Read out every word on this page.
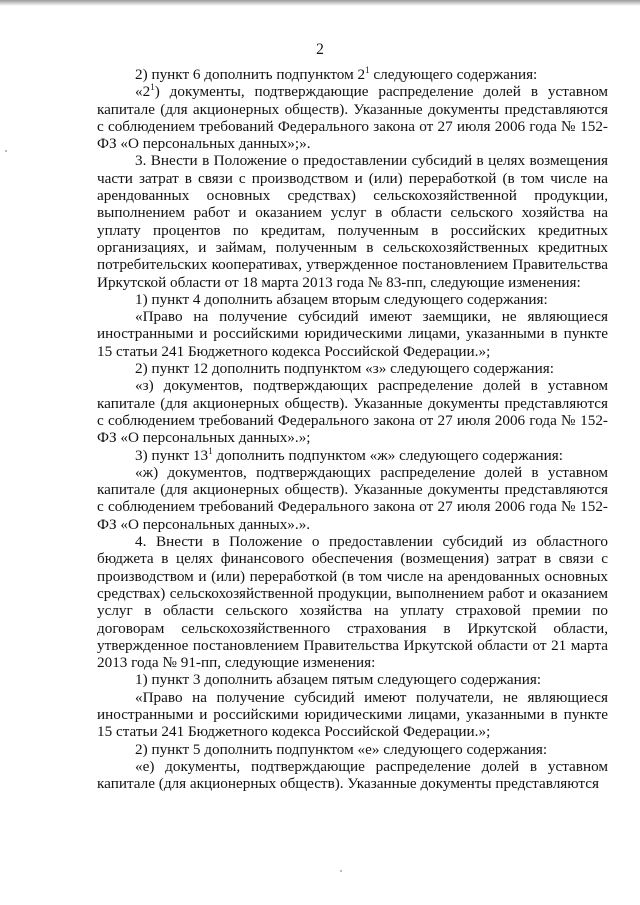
2

2) пункт 6 дополнить подпунктом $2^1$ следующего содержания:

«$2^1$) документы, подтверждающие распределение долей в уставном капитале (для акционерных обществ). Указанные документы представляются с соблюдением требований Федерального закона от 27 июля 2006 года № 152-ФЗ «О персональных данных»;».

3. Внести в Положение о предоставлении субсидий в целях возмещения части затрат в связи с производством и (или) переработкой (в том числе на арендованных основных средствах) сельскохозяйственной продукции, выполнением работ и оказанием услуг в области сельского хозяйства на уплату процентов по кредитам, полученным в российских кредитных организациях, и займам, полученным в сельскохозяйственных кредитных потребительских кооперативах, утвержденное постановлением Правительства Иркутской области от 18 марта 2013 года № 83-пп, следующие изменения:

1) пункт 4 дополнить абзацем вторым следующего содержания:

«Право на получение субсидий имеют заемщики, не являющиеся иностранными и российскими юридическими лицами, указанными в пункте 15 статьи 241 Бюджетного кодекса Российской Федерации.»;

2) пункт 12 дополнить подпунктом «з» следующего содержания:

«з) документов, подтверждающих распределение долей в уставном капитале (для акционерных обществ). Указанные документы представляются с соблюдением требований Федерального закона от 27 июля 2006 года № 152-ФЗ «О персональных данных».»;

3) пункт $13^1$ дополнить подпунктом «ж» следующего содержания:

«ж) документов, подтверждающих распределение долей в уставном капитале (для акционерных обществ). Указанные документы представляются с соблюдением требований Федерального закона от 27 июля 2006 года № 152-ФЗ «О персональных данных».».

4. Внести в Положение о предоставлении субсидий из областного бюджета в целях финансового обеспечения (возмещения) затрат в связи с производством и (или) переработкой (в том числе на арендованных основных средствах) сельскохозяйственной продукции, выполнением работ и оказанием услуг в области сельского хозяйства на уплату страховой премии по договорам сельскохозяйственного страхования в Иркутской области, утвержденное постановлением Правительства Иркутской области от 21 марта 2013 года № 91-пп, следующие изменения:

1) пункт 3 дополнить абзацем пятым следующего содержания:

«Право на получение субсидий имеют получатели, не являющиеся иностранными и российскими юридическими лицами, указанными в пункте 15 статьи 241 Бюджетного кодекса Российской Федерации.»;

2) пункт 5 дополнить подпунктом «е» следующего содержания:

«е) документы, подтверждающие распределение долей в уставном капитале (для акционерных обществ). Указанные документы представляются
